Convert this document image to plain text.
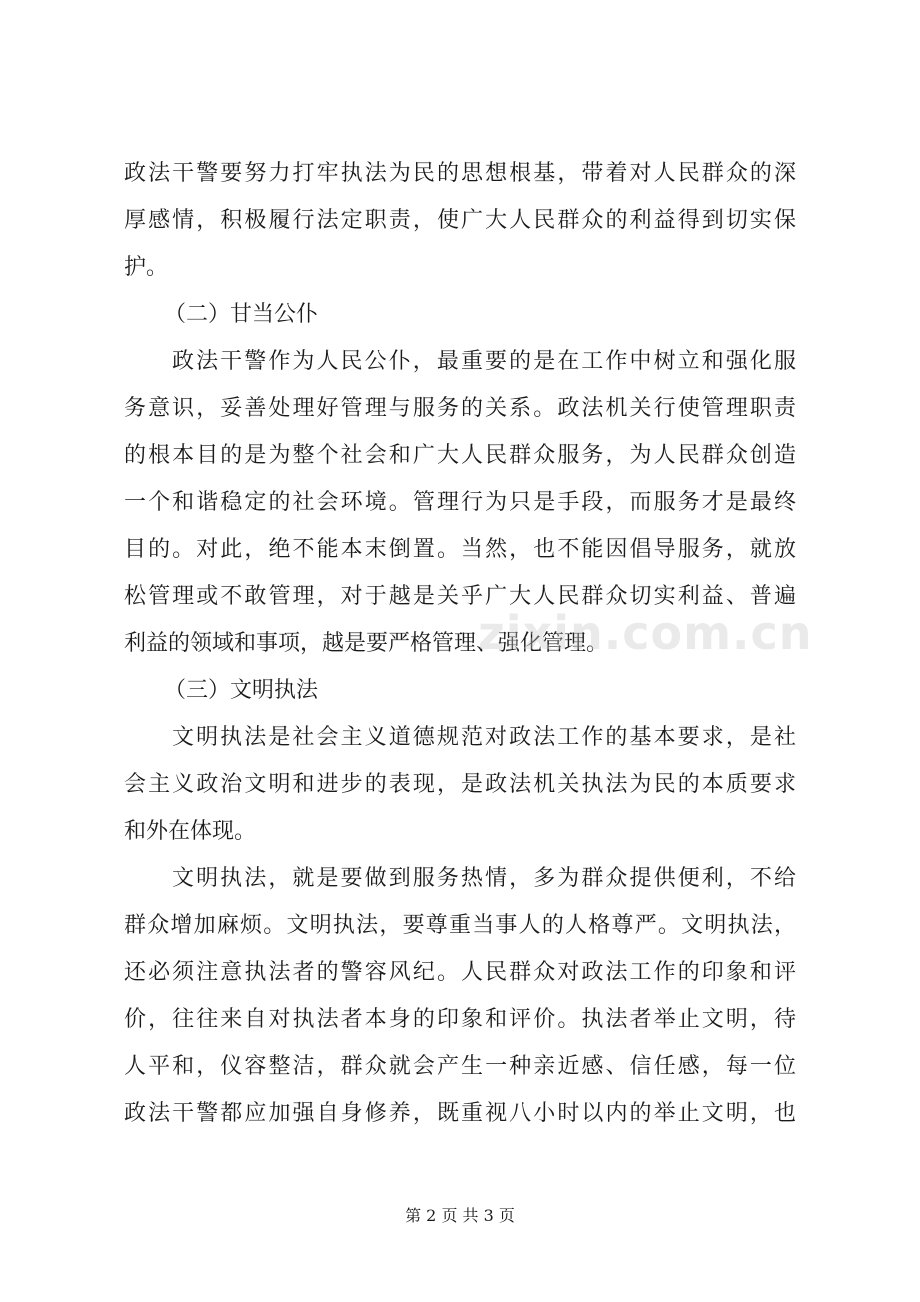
政法干警要努力打牢执法为民的思想根基，带着对人民群众的深
厚感情，积极履行法定职责，使广大人民群众的利益得到切实保
护。
（二）甘当公仆
政法干警作为人民公仆，最重要的是在工作中树立和强化服
务意识，妥善处理好管理与服务的关系。政法机关行使管理职责
的根本目的是为整个社会和广大人民群众服务，为人民群众创造
一个和谐稳定的社会环境。管理行为只是手段，而服务才是最终
目的。对此，绝不能本末倒置。当然，也不能因倡导服务，就放
松管理或不敢管理，对于越是关乎广大人民群众切实利益、普遍
利益的领域和事项，越是要严格管理、强化管理。
（三）文明执法
文明执法是社会主义道德规范对政法工作的基本要求，是社
会主义政治文明和进步的表现，是政法机关执法为民的本质要求
和外在体现。
文明执法，就是要做到服务热情，多为群众提供便利，不给
群众增加麻烦。文明执法，要尊重当事人的人格尊严。文明执法，
还必须注意执法者的警容风纪。人民群众对政法工作的印象和评
价，往往来自对执法者本身的印象和评价。执法者举止文明，待
人平和，仪容整洁，群众就会产生一种亲近感、信任感，每一位
政法干警都应加强自身修养，既重视八小时以内的举止文明，也
zixin.com.cn
第 2 页 共 3 页
